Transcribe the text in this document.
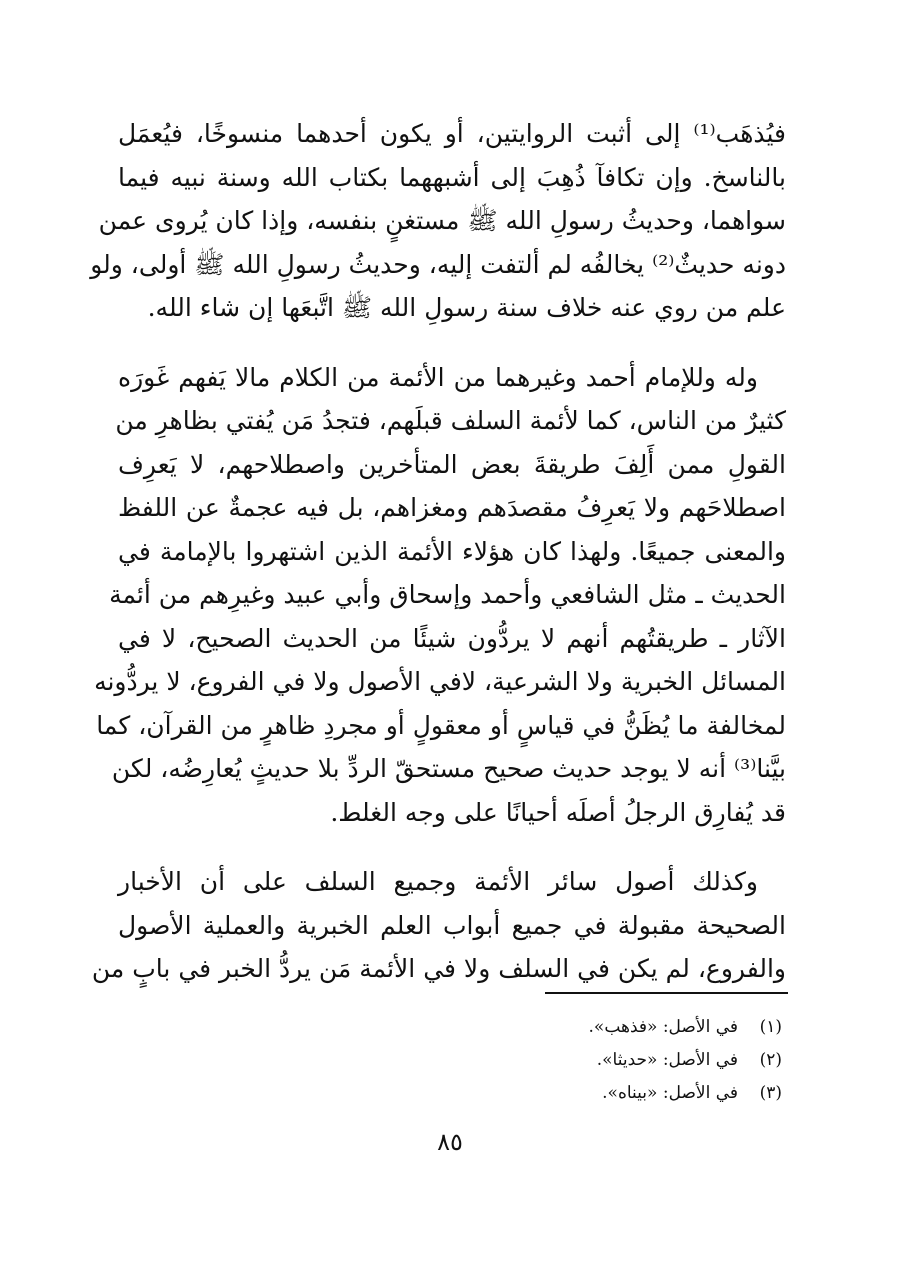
فيُذهَب⁽¹⁾ إلى أثبت الروايتين، أو يكون أحدهما منسوخًا، فيُعمَل
بالناسخ. وإن تكافآ ذُهِبَ إلى أشبههما بكتاب الله وسنة نبيه فيما
سواهما، وحديثُ رسولِ الله ﷺ مستغنٍ بنفسه، وإذا كان يُروى عمن
دونه حديثٌ⁽²⁾ يخالفُه لم ألتفت إليه، وحديثُ رسولِ الله ﷺ أولى، ولو
علم من روي عنه خلاف سنة رسولِ الله ﷺ اتَّبعَها إن شاء الله.

وله وللإمام أحمد وغيرهما من الأئمة من الكلام مالا يَفهم غَورَه
كثيرٌ من الناس، كما لأئمة السلف قبلَهم، فتجدُ مَن يُفتي بظاهرِ من
القولِ ممن أَلِفَ طريقةَ بعض المتأخرين واصطلاحهم، لا يَعرِف
اصطلاحَهم ولا يَعرِفُ مقصدَهم ومغزاهم، بل فيه عجمةٌ عن اللفظ
والمعنى جميعًا. ولهذا كان هؤلاء الأئمة الذين اشتهروا بالإمامة في
الحديث ـ مثل الشافعي وأحمد وإسحاق وأبي عبيد وغيرِهم من أئمة
الآثار ـ طريقتُهم أنهم لا يردُّون شيئًا من الحديث الصحيح، لا في
المسائل الخبرية ولا الشرعية، لافي الأصول ولا في الفروع، لا يردُّونه
لمخالفة ما يُظَنُّ في قياسٍ أو معقولٍ أو مجردِ ظاهرٍ من القرآن، كما
بيَّنا⁽³⁾ أنه لا يوجد حديث صحيح مستحقّ الردِّ بلا حديثٍ يُعارِضُه، لكن
قد يُفارِق الرجلُ أصلَه أحيانًا على وجه الغلط.

وكذلك أصول سائر الأئمة وجميع السلف على أن الأخبار
الصحيحة مقبولة في جميع أبواب العلم الخبرية والعملية الأصول
والفروع، لم يكن في السلف ولا في الأئمة مَن يردُّ الخبر في بابٍ من

(١)في الأصل: «فذهب».
(٢)في الأصل: «حديثا».
(٣)في الأصل: «بيناه».
٨٥
